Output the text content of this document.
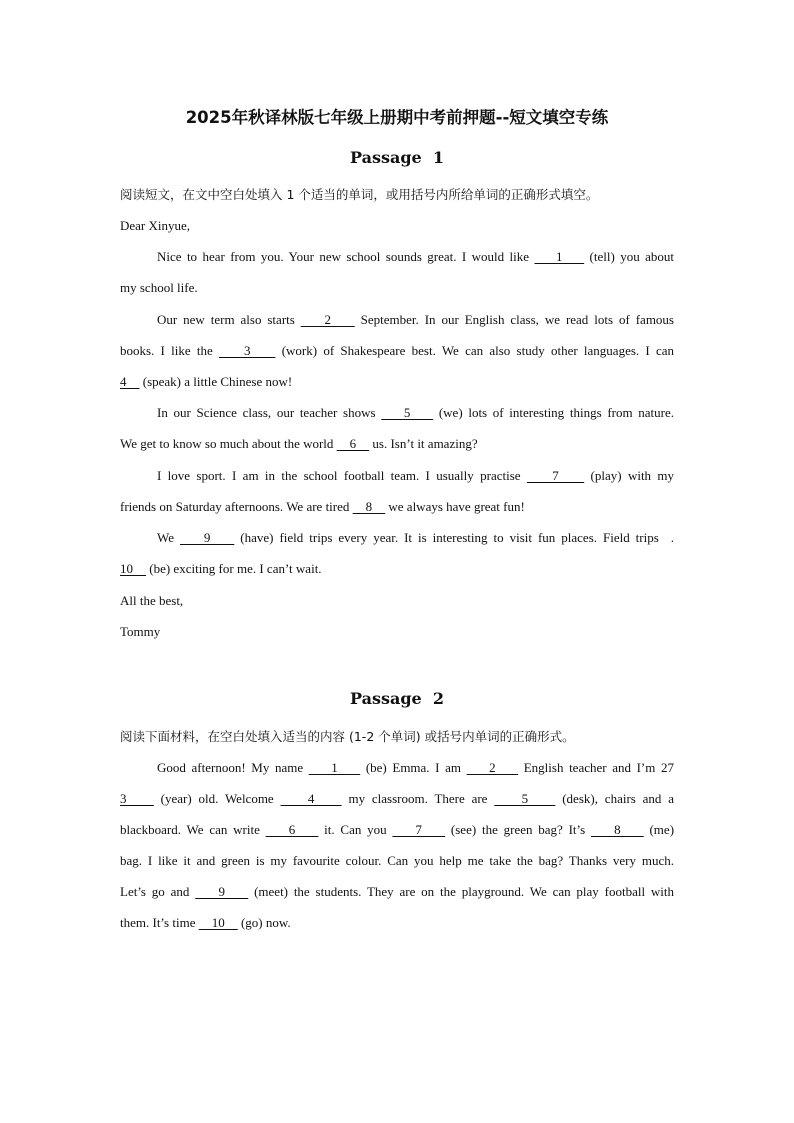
2025年秋译林版七年级上册期中考前押题--短文填空专练
Passage  1
阅读短文，在文中空白处填入 1 个适当的单词，或用括号内所给单词的正确形式填空。
Dear Xinyue,
Nice to hear from you. Your new school sounds great. I would like     1     (tell) you about
my school life.
Our new term also starts     2     September. In our English class, we read lots of famous
books. I like the     3     (work) of Shakespeare best. We can also study other languages. I can
4     (speak) a little Chinese now!
In our Science class, our teacher shows     5     (we) lots of interesting things from nature.
We get to know so much about the world     6     us. Isn’t it amazing?
I love sport. I am in the school football team. I usually practise     7     (play) with my
friends on Saturday afternoons. We are tired     8     we always have great fun!
We     9     (have) field trips every year. It is interesting to visit fun places. Field trips  .
10     (be) exciting for me. I can’t wait.
All the best,
Tommy
Passage  2
阅读下面材料，在空白处填入适当的内容 (1-2 个单词) 或括号内单词的正确形式。
Good afternoon! My name     1     (be) Emma. I am     2     English teacher and I’m 27
3     (year) old. Welcome     4     my classroom. There are     5     (desk), chairs and a
blackboard. We can write     6     it. Can you     7     (see) the green bag? It’s     8     (me)
bag. I like it and green is my favourite colour. Can you help me take the bag? Thanks very much.
Let’s go and     9     (meet) the students. They are on the playground. We can play football with
them. It’s time     10     (go) now.
